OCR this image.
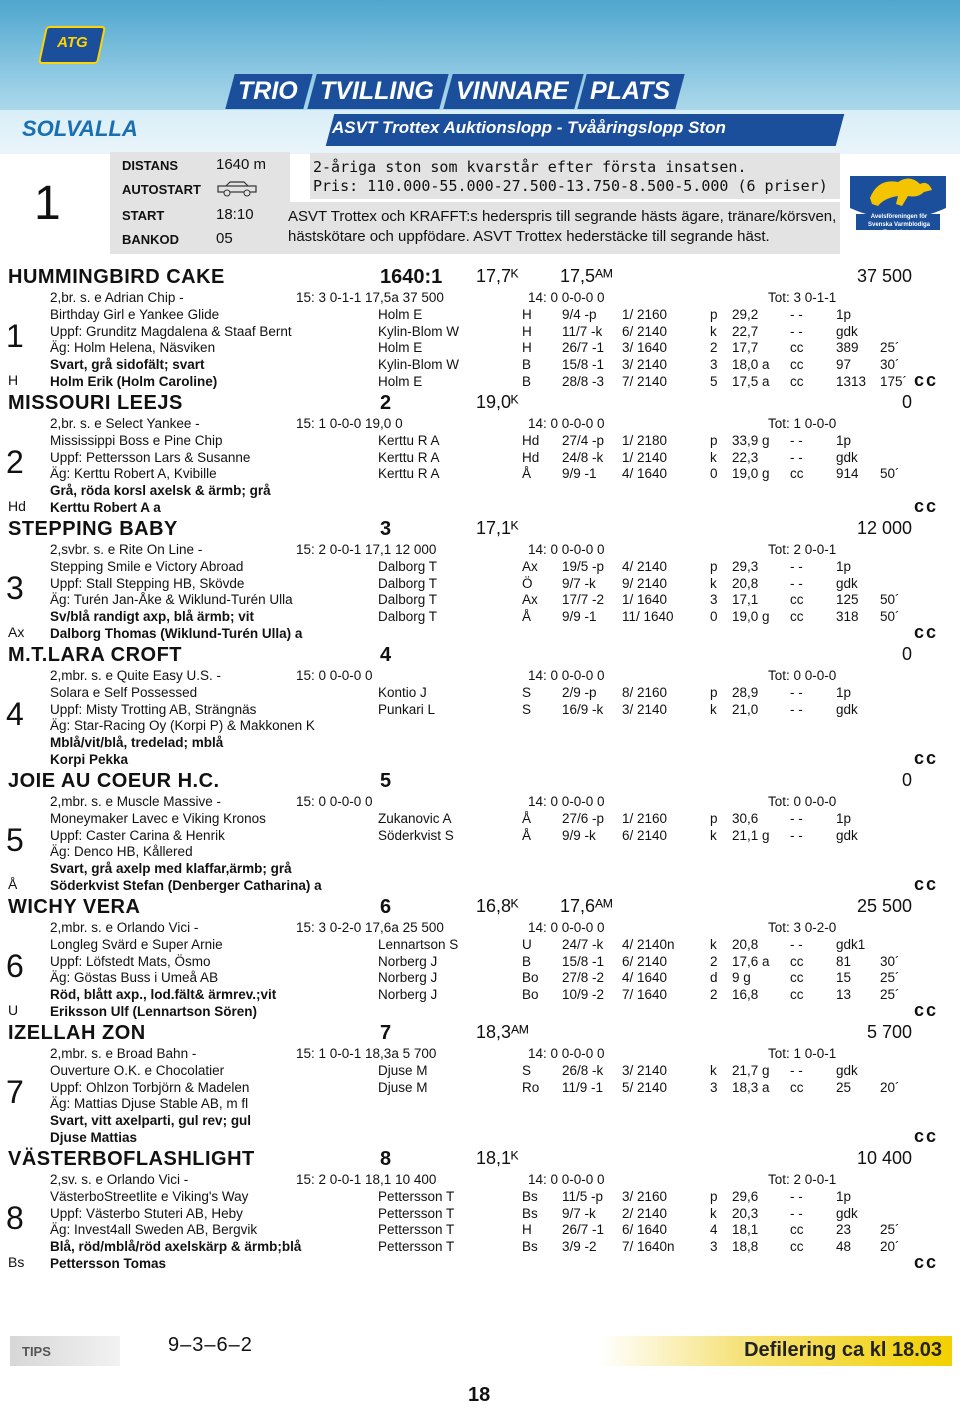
ATG
SOLVALLA
TRIO TVILLING VINNARE PLATS
ASVT Trottex Auktionslopp - Tvååringslopp Ston
1
DISTANS	1640 m
AUTOSTART
START	18:10
BANKOD 05
2-åriga ston som kvarstår efter första insatsen.
Pris: 110.000-55.000-27.500-13.750-8.500-5.000 (6 priser)
ASVT Trottex och KRAFFT:s hederspris till segrande hästs ägare, tränare/körsven,
hästskötare och uppfödare. ASVT Trottex hederstäcke till segrande häst.
Avelsföreningen för Svenska Varmblodiga Travhästen
HUMMINGBIRD CAKE	1640:1 17,7ᴷ 17,5ᴬᴹ	37 500
1
H
2,br. s. e Adrian Chip -	15: 3 0-1-1 17,5a 37 500	14: 0 0-0-0 0	Tot: 3 0-1-1
Birthday Girl e Yankee Glide	Holm E	H 9/4 -p 1/ 2160	p 29,2 - - 1p
Uppf: Grunditz Magdalena & Staaf Bernt	Kylin-Blom W	H 11/7 -k 6/ 2140	k 22,7 - - gdk
Äg: Holm Helena, Näsviken	Holm E	H 26/7 -1 3/ 1640	2 17,7 cc 389 25´
Svart, grå sidofält; svart	Kylin-Blom W	B 15/8 -1 3/ 2140	3 18,0 a cc 97 30´
Holm Erik (Holm Caroline)	Holm E	B 28/8 -3 7/ 2140	5 17,5 a cc 1313 175´ cc
MISSOURI LEEJS	2	19,0ᴷ	0
2
Hd
2,br. s. e Select Yankee -	15: 1 0-0-0 19,0 0	14: 0 0-0-0 0	Tot: 1 0-0-0
Mississippi Boss e Pine Chip	Kerttu R A	Hd 27/4 -p 1/ 2180	p 33,9 g - - 1p
Uppf: Pettersson Lars & Susanne	Kerttu R A	Hd 24/8 -k 1/ 2140	k 22,3 - - gdk
Äg: Kerttu Robert A, Kvibille	Kerttu R A	Å 9/9 -1 4/ 1640	0 19,0 g cc 914 50´
Grå, röda korsl axelsk & ärmb; grå
Kerttu Robert A a	cc
STEPPING BABY	3	17,1ᴷ	12 000
3
Ax
2,svbr. s. e Rite On Line -	15: 2 0-0-1 17,1 12 000	14: 0 0-0-0 0	Tot: 2 0-0-1
Stepping Smile e Victory Abroad	Dalborg T	Ax 19/5 -p 4/ 2140	p 29,3 - - 1p
Uppf: Stall Stepping HB, Skövde	Dalborg T	Ö 9/7 -k 9/ 2140	k 20,8 - - gdk
Äg: Turén Jan-Åke & Wiklund-Turén Ulla	Dalborg T	Ax 17/7 -2 1/ 1640	3 17,1 cc 125 50´
Sv/blå randigt axp, blå ärmb; vit	Dalborg T	Å 9/9 -1 11/ 1640	0 19,0 g cc 318 50´
Dalborg Thomas (Wiklund-Turén Ulla) a	cc
M.T.LARA CROFT	4	0
4
2,mbr. s. e Quite Easy U.S. -	15: 0 0-0-0 0	14: 0 0-0-0 0	Tot: 0 0-0-0
Solara e Self Possessed	Kontio J	S 2/9 -p 8/ 2160	p 28,9 - - 1p
Uppf: Misty Trotting AB, Strängnäs	Punkari L	S 16/9 -k 3/ 2140	k 21,0 - - gdk
Äg: Star-Racing Oy (Korpi P) & Makkonen K
Mblå/vit/blå, tredelad; mblå
Korpi Pekka	cc
JOIE AU COEUR H.C.	5	0
5
Å
2,mbr. s. e Muscle Massive -	15: 0 0-0-0 0	14: 0 0-0-0 0	Tot: 0 0-0-0
Moneymaker Lavec e Viking Kronos	Zukanovic A	Å 27/6 -p 1/ 2160	p 30,6 - - 1p
Uppf: Caster Carina & Henrik	Söderkvist S	Å 9/9 -k 6/ 2140	k 21,1 g - - gdk
Äg: Denco HB, Kållered
Svart, grå axelp med klaffar,ärmb; grå
Söderkvist Stefan (Denberger Catharina) a	cc
WICHY VERA	6	16,8ᴷ 17,6ᴬᴹ	25 500
6
U
2,mbr. s. e Orlando Vici -	15: 3 0-2-0 17,6a 25 500	14: 0 0-0-0 0	Tot: 3 0-2-0
Longleg Svärd e Super Arnie	Lennartson S	U 24/7 -k 4/ 2140n	k 20,8 - - gdk1
Uppf: Löfstedt Mats, Ösmo	Norberg J	B 15/8 -1 6/ 2140	2 17,6 a cc 81 30´
Äg: Göstas Buss i Umeå AB	Norberg J	Bo 27/8 -2 4/ 1640	d 9 g	cc 15 25´
Röd, blått axp., lod.fält& ärmrev.;vit	Norberg J	Bo 10/9 -2 7/ 1640	2 16,8 cc 13 25´
Eriksson Ulf (Lennartson Sören)	cc
IZELLAH ZON	7	18,3ᴬᴹ	5 700
7
2,mbr. s. e Broad Bahn -	15: 1 0-0-1 18,3a 5 700	14: 0 0-0-0 0	Tot: 1 0-0-1
Ouverture O.K. e Chocolatier	Djuse M	S 26/8 -k 3/ 2140	k 21,7 g - - gdk
Uppf: Ohlzon Torbjörn & Madelen	Djuse M	Ro 11/9 -1 5/ 2140	3 18,3 a cc 25 20´
Äg: Mattias Djuse Stable AB, m fl
Svart, vitt axelparti, gul rev; gul
Djuse Mattias	cc
VÄSTERBOFLASHLIGHT	8	18,1ᴷ	10 400
8
Bs
2,sv. s. e Orlando Vici -	15: 2 0-0-1 18,1 10 400	14: 0 0-0-0 0	Tot: 2 0-0-1
VästerboStreetlite e Viking's Way	Pettersson T	Bs 11/5 -p 3/ 2160	p 29,6 - - 1p
Uppf: Västerbo Stuteri AB, Heby	Pettersson T	Bs 9/7 -k 2/ 2140	k 20,3 - - gdk
Äg: Invest4all Sweden AB, Bergvik	Pettersson T	H 26/7 -1 6/ 1640	4 18,1 cc 23 25´
Blå, röd/mblå/röd axelskärp & ärmb;blå	Pettersson T	Bs 3/9 -2 7/ 1640n	3 18,8 cc 48 20´
Pettersson Tomas	cc
TIPS	9–3–6–2	Defilering ca kl 18.03
18
